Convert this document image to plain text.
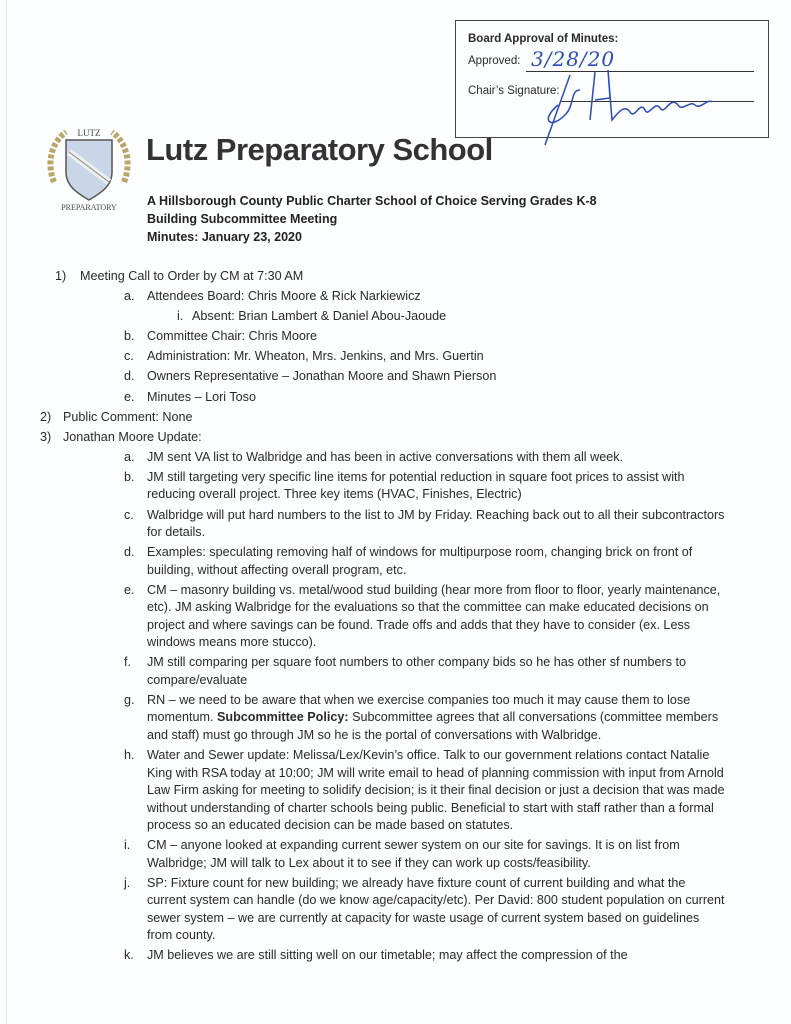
Board Approval of Minutes:
Approved: 3/28/20
Chair’s Signature:
LUTZ
PREPARATORY
Lutz Preparatory School
A Hillsborough County Public Charter School of Choice Serving Grades K-8
Building Subcommittee Meeting
Minutes: January 23, 2020
1) Meeting Call to Order by CM at 7:30 AM
a. Attendees Board: Chris Moore & Rick Narkiewicz
i. Absent: Brian Lambert & Daniel Abou-Jaoude
b. Committee Chair: Chris Moore
c. Administration: Mr. Wheaton, Mrs. Jenkins, and Mrs. Guertin
d. Owners Representative – Jonathan Moore and Shawn Pierson
e. Minutes – Lori Toso
2) Public Comment: None
3) Jonathan Moore Update:
a. JM sent VA list to Walbridge and has been in active conversations with them all week.
b. JM still targeting very specific line items for potential reduction in square foot prices to assist with reducing overall project. Three key items (HVAC, Finishes, Electric)
c. Walbridge will put hard numbers to the list to JM by Friday. Reaching back out to all their subcontractors for details.
d. Examples: speculating removing half of windows for multipurpose room, changing brick on front of building, without affecting overall program, etc.
e. CM – masonry building vs. metal/wood stud building (hear more from floor to floor, yearly maintenance, etc). JM asking Walbridge for the evaluations so that the committee can make educated decisions on project and where savings can be found. Trade offs and adds that they have to consider (ex. Less windows means more stucco).
f. JM still comparing per square foot numbers to other company bids so he has other sf numbers to compare/evaluate
g. RN – we need to be aware that when we exercise companies too much it may cause them to lose momentum. Subcommittee Policy: Subcommittee agrees that all conversations (committee members and staff) must go through JM so he is the portal of conversations with Walbridge.
h. Water and Sewer update: Melissa/Lex/Kevin’s office. Talk to our government relations contact Natalie King with RSA today at 10:00; JM will write email to head of planning commission with input from Arnold Law Firm asking for meeting to solidify decision; is it their final decision or just a decision that was made without understanding of charter schools being public. Beneficial to start with staff rather than a formal process so an educated decision can be made based on statutes.
i. CM – anyone looked at expanding current sewer system on our site for savings. It is on list from Walbridge; JM will talk to Lex about it to see if they can work up costs/feasibility.
j. SP: Fixture count for new building; we already have fixture count of current building and what the current system can handle (do we know age/capacity/etc). Per David: 800 student population on current sewer system – we are currently at capacity for waste usage of current system based on guidelines from county.
k. JM believes we are still sitting well on our timetable; may affect the compression of the
